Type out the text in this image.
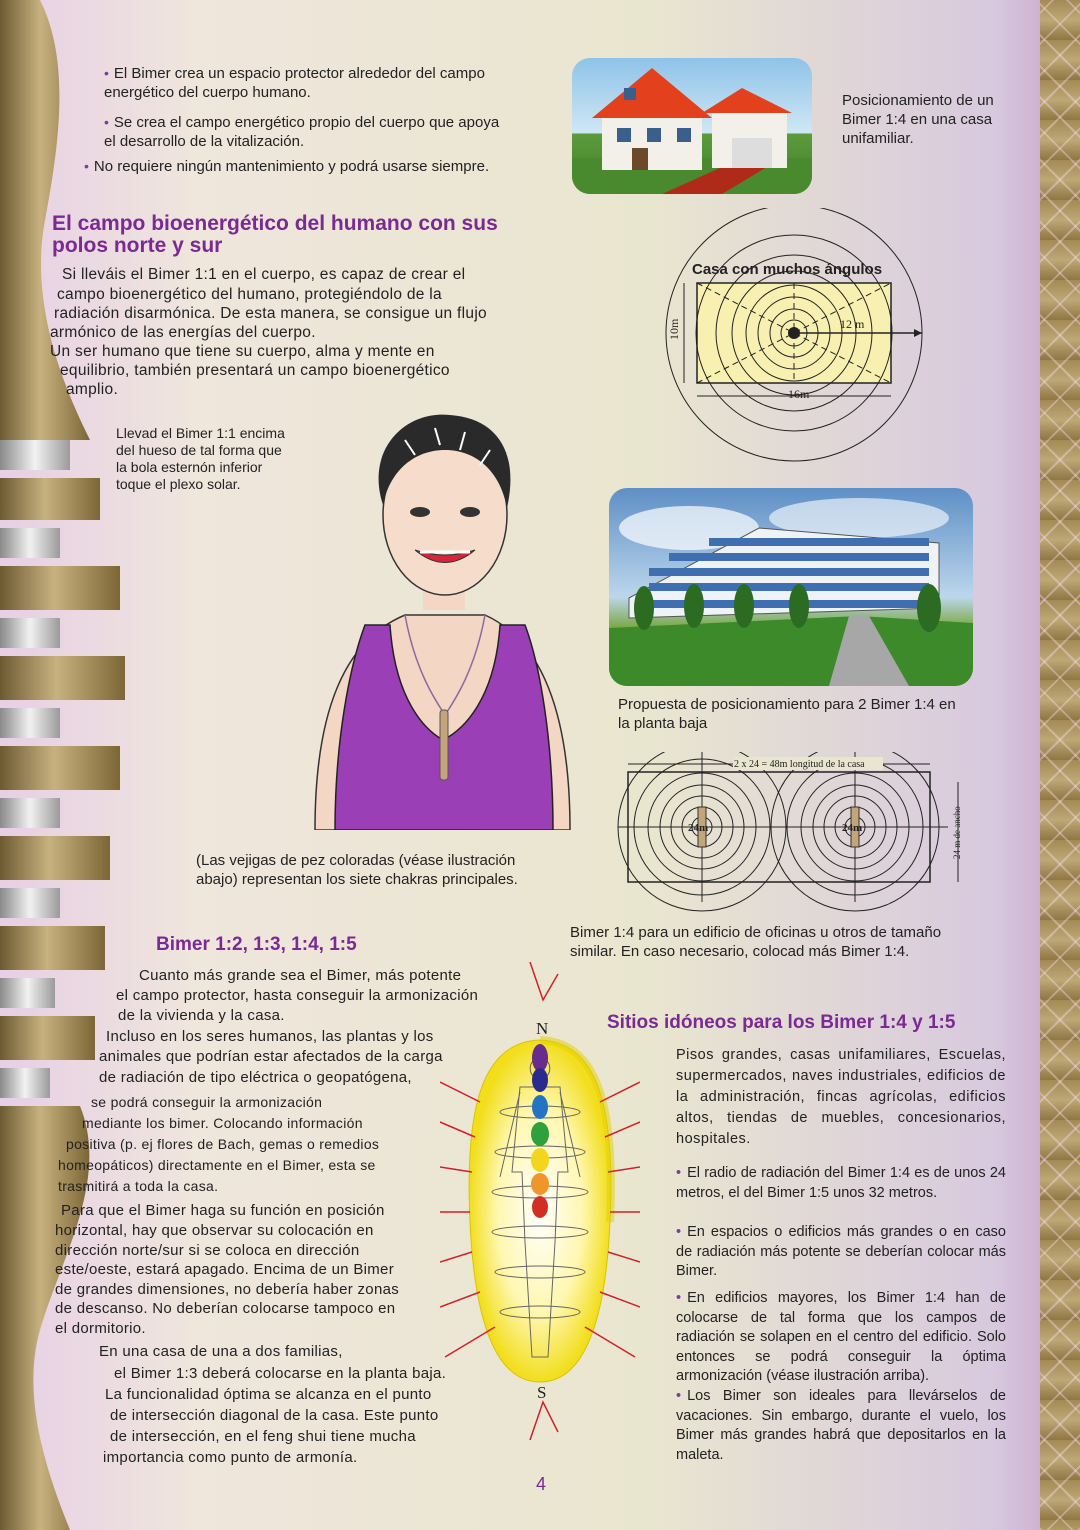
• El Bimer crea un espacio protector alrededor del campo energético del cuerpo humano.
• Se crea el campo energético propio del cuerpo que apoya el desarrollo de la vitalización.
• No requiere ningún mantenimiento y podrá usarse siempre.
Posicionamiento de un Bimer 1:4 en una casa unifamiliar.
El campo bioenergético del humano con sus polos norte y sur
Si lleváis el Bimer 1:1 en el cuerpo, es capaz de crear el
campo bioenergético del humano, protegiéndolo de la
radiación disarmónica. De esta manera, se consigue un flujo
armónico de las energías del cuerpo.
Un ser humano que tiene su cuerpo, alma y mente en
equilibrio, también presentará un campo bioenergético
amplio.
Casa con muchos ángulos
10m
16m
12 m
Llevad el Bimer 1:1 encima del hueso de tal forma que la bola esternón inferior toque el plexo solar.
(Las vejigas de pez coloradas (véase ilustración abajo) representan los siete chakras principales.
Propuesta de posicionamiento para 2 Bimer 1:4 en la planta baja
2 x 24 = 48m longitud de la casa
24 m de ancho
24m	24m
Bimer 1:4 para un edificio de oficinas u otros de tamaño similar. En caso necesario, colocad más Bimer 1:4.
Bimer 1:2, 1:3, 1:4, 1:5
Cuanto más grande sea el Bimer, más potente
el campo protector, hasta conseguir la armonización
de la vivienda y la casa.
Incluso en los seres humanos, las plantas y los
animales que podrían estar afectados de la carga
de radiación de tipo eléctrica o geopatógena,
se podrá conseguir la armonización
mediante los bimer. Colocando información
positiva (p. ej flores de Bach, gemas o remedios
homeopáticos) directamente en el Bimer, esta se
trasmitirá a toda la casa.
Para que el Bimer haga su función en posición
horizontal, hay que observar su colocación en
dirección norte/sur si se coloca en dirección
este/oeste, estará apagado. Encima de un Bimer
de grandes dimensiones, no debería haber zonas
de descanso. No deberían colocarse tampoco en
el dormitorio.
En una casa de una a dos familias,
el Bimer 1:3 deberá colocarse en la planta baja.
La funcionalidad óptima se alcanza en el punto
de intersección diagonal de la casa. Este punto
de intersección, en el feng shui tiene mucha
importancia como punto de armonía.
N
S
Sitios idóneos para los Bimer 1:4 y 1:5
Pisos grandes, casas unifamiliares, Escuelas, supermercados, naves industriales, edificios de la administración, fincas agrícolas, edificios altos, tiendas de muebles, concesionarios, hospitales.
• El radio de radiación del Bimer 1:4 es de unos 24 metros, el del Bimer 1:5 unos 32 metros.
• En espacios o edificios más grandes o en caso de radiación más potente se deberían colocar más Bimer.
• En edificios mayores, los Bimer 1:4 han de colocarse de tal forma que los campos de radiación se solapen en el centro del edificio. Solo entonces se podrá conseguir la óptima armonización (véase ilustración arriba).
• Los Bimer son ideales para llevárselos de vacaciones. Sin embargo, durante el vuelo, los Bimer más grandes habrá que depositarlos en la maleta.
4
